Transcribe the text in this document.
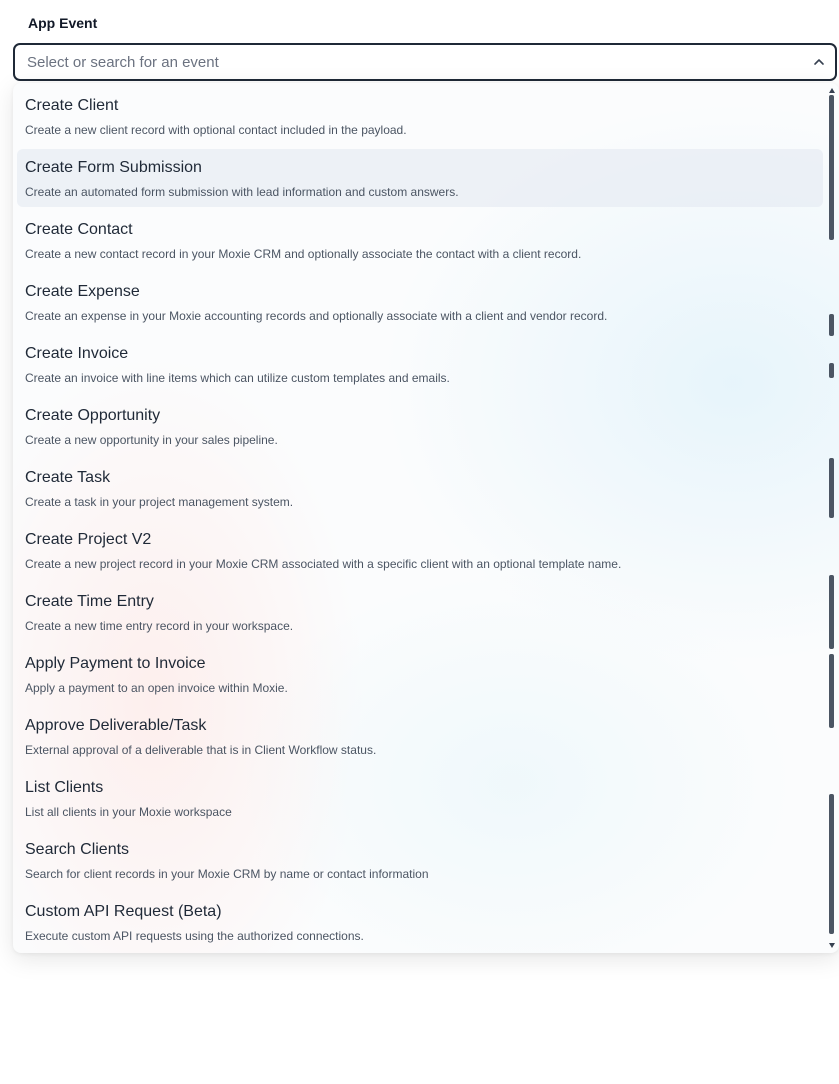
App Event
Select or search for an event
Create Client
Create a new client record with optional contact included in the payload.
Create Form Submission
Create an automated form submission with lead information and custom answers.
Create Contact
Create a new contact record in your Moxie CRM and optionally associate the contact with a client record.
Create Expense
Create an expense in your Moxie accounting records and optionally associate with a client and vendor record.
Create Invoice
Create an invoice with line items which can utilize custom templates and emails.
Create Opportunity
Create a new opportunity in your sales pipeline.
Create Task
Create a task in your project management system.
Create Project V2
Create a new project record in your Moxie CRM associated with a specific client with an optional template name.
Create Time Entry
Create a new time entry record in your workspace.
Apply Payment to Invoice
Apply a payment to an open invoice within Moxie.
Approve Deliverable/Task
External approval of a deliverable that is in Client Workflow status.
List Clients
List all clients in your Moxie workspace
Search Clients
Search for client records in your Moxie CRM by name or contact information
Custom API Request (Beta)
Execute custom API requests using the authorized connections.
